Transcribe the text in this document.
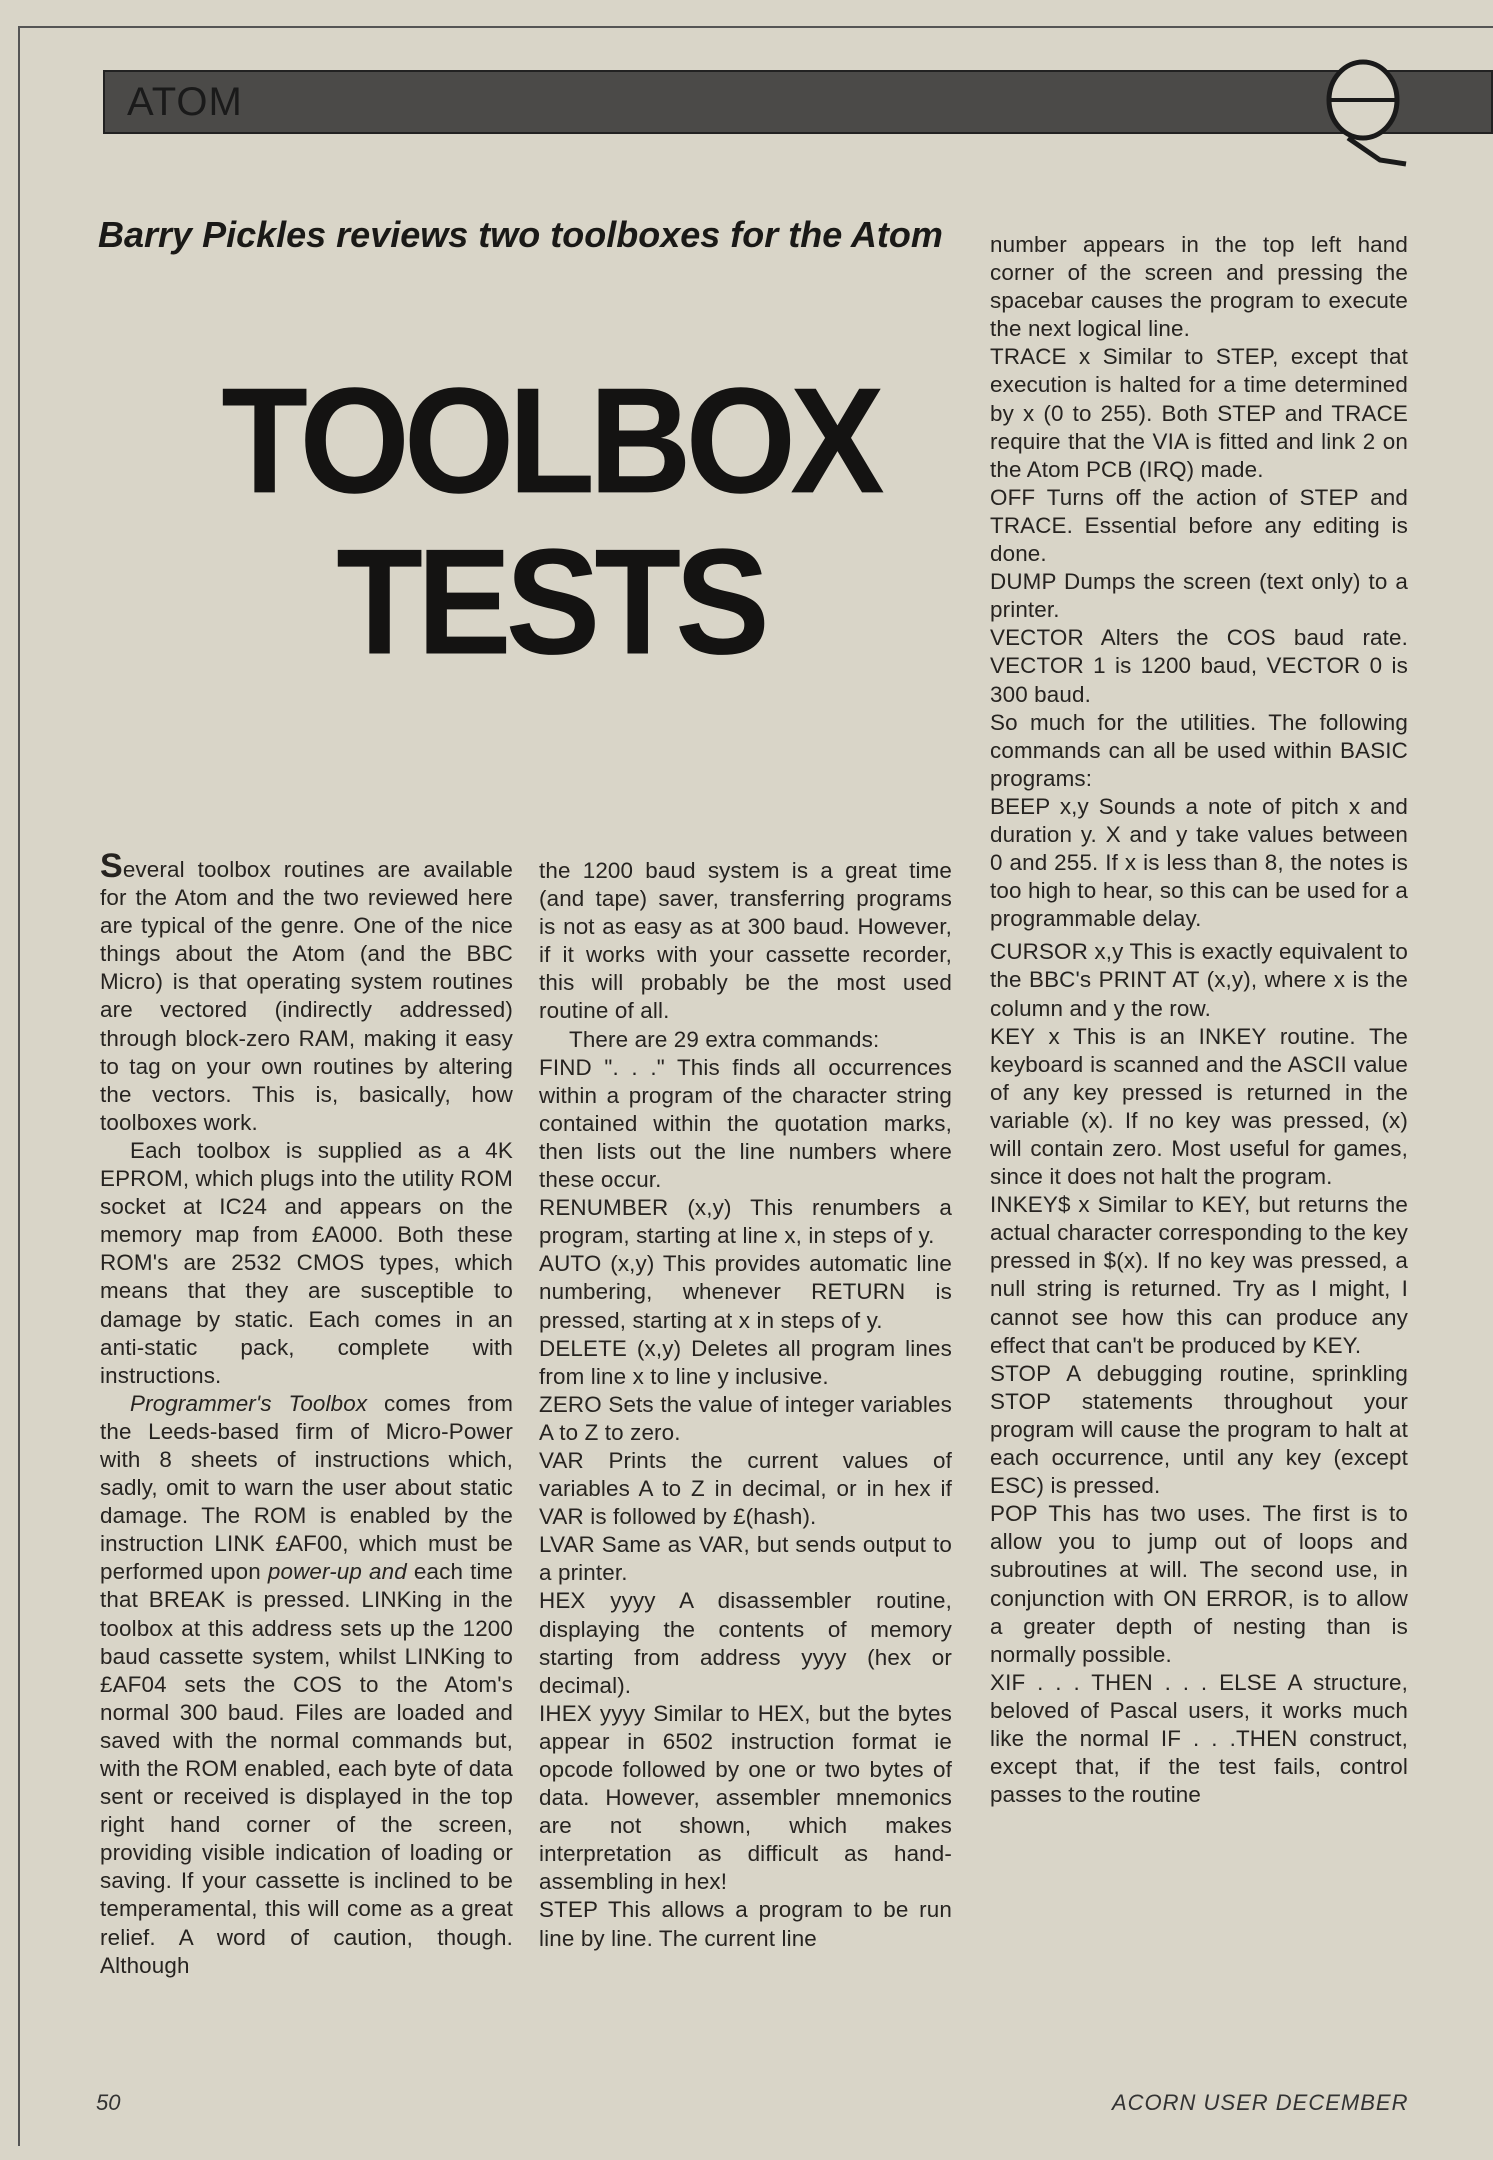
ATOM
Barry Pickles reviews two toolboxes for the Atom
TOOLBOX
TESTS

Several toolbox routines are available for the Atom and the two reviewed here are typical of the genre. One of the nice things about the Atom (and the BBC Micro) is that operating system routines are vectored (indirectly addressed) through block-zero RAM, making it easy to tag on your own routines by altering the vectors. This is, basically, how toolboxes work.

Each toolbox is supplied as a 4K EPROM, which plugs into the utility ROM socket at IC24 and appears on the memory map from £A000. Both these ROM's are 2532 CMOS types, which means that they are susceptible to damage by static. Each comes in an anti-static pack, complete with instructions.

Programmer's Toolbox comes from the Leeds-based firm of Micro-Power with 8 sheets of instructions which, sadly, omit to warn the user about static damage. The ROM is enabled by the instruction LINK £AF00, which must be performed upon power-up and each time that BREAK is pressed. LINKing in the toolbox at this address sets up the 1200 baud cassette system, whilst LINKing to £AF04 sets the COS to the Atom's normal 300 baud. Files are loaded and saved with the normal commands but, with the ROM enabled, each byte of data sent or received is displayed in the top right hand corner of the screen, providing visible indication of loading or saving. If your cassette is inclined to be temperamental, this will come as a great relief. A word of caution, though. Although

the 1200 baud system is a great time (and tape) saver, transferring programs is not as easy as at 300 baud. However, if it works with your cassette recorder, this will probably be the most used routine of all.

There are 29 extra commands:

FIND ". . ." This finds all occurrences within a program of the character string contained within the quotation marks, then lists out the line numbers where these occur.

RENUMBER (x,y) This renumbers a program, starting at line x, in steps of y.

AUTO (x,y) This provides automatic line numbering, whenever RETURN is pressed, starting at x in steps of y.

DELETE (x,y) Deletes all program lines from line x to line y inclusive.

ZERO Sets the value of integer variables A to Z to zero.

VAR Prints the current values of variables A to Z in decimal, or in hex if VAR is followed by £(hash).

LVAR Same as VAR, but sends output to a printer.

HEX yyyy A disassembler routine, displaying the contents of memory starting from address yyyy (hex or decimal).

IHEX yyyy Similar to HEX, but the bytes appear in 6502 instruction format ie opcode followed by one or two bytes of data. However, assembler mnemonics are not shown, which makes interpretation as difficult as hand-assembling in hex!

STEP This allows a program to be run line by line. The current line

number appears in the top left hand corner of the screen and pressing the spacebar causes the program to execute the next logical line.

TRACE x Similar to STEP, except that execution is halted for a time determined by x (0 to 255). Both STEP and TRACE require that the VIA is fitted and link 2 on the Atom PCB (IRQ) made.

OFF Turns off the action of STEP and TRACE. Essential before any editing is done.

DUMP Dumps the screen (text only) to a printer.

VECTOR Alters the COS baud rate. VECTOR 1 is 1200 baud, VECTOR 0 is 300 baud.

So much for the utilities. The following commands can all be used within BASIC programs:

BEEP x,y Sounds a note of pitch x and duration y. X and y take values between 0 and 255. If x is less than 8, the notes is too high to hear, so this can be used for a programmable delay.

CURSOR x,y This is exactly equivalent to the BBC's PRINT AT (x,y), where x is the column and y the row.

KEY x This is an INKEY routine. The keyboard is scanned and the ASCII value of any key pressed is returned in the variable (x). If no key was pressed, (x) will contain zero. Most useful for games, since it does not halt the program.

INKEY$ x Similar to KEY, but returns the actual character corresponding to the key pressed in $(x). If no key was pressed, a null string is returned. Try as I might, I cannot see how this can produce any effect that can't be produced by KEY.

STOP A debugging routine, sprinkling STOP statements throughout your program will cause the program to halt at each occurrence, until any key (except ESC) is pressed.

POP This has two uses. The first is to allow you to jump out of loops and subroutines at will. The second use, in conjunction with ON ERROR, is to allow a greater depth of nesting than is normally possible.

XIF . . . THEN . . . ELSE A structure, beloved of Pascal users, it works much like the normal IF . . .THEN construct, except that, if the test fails, control passes to the routine

50	ACORN USER DECEMBER
